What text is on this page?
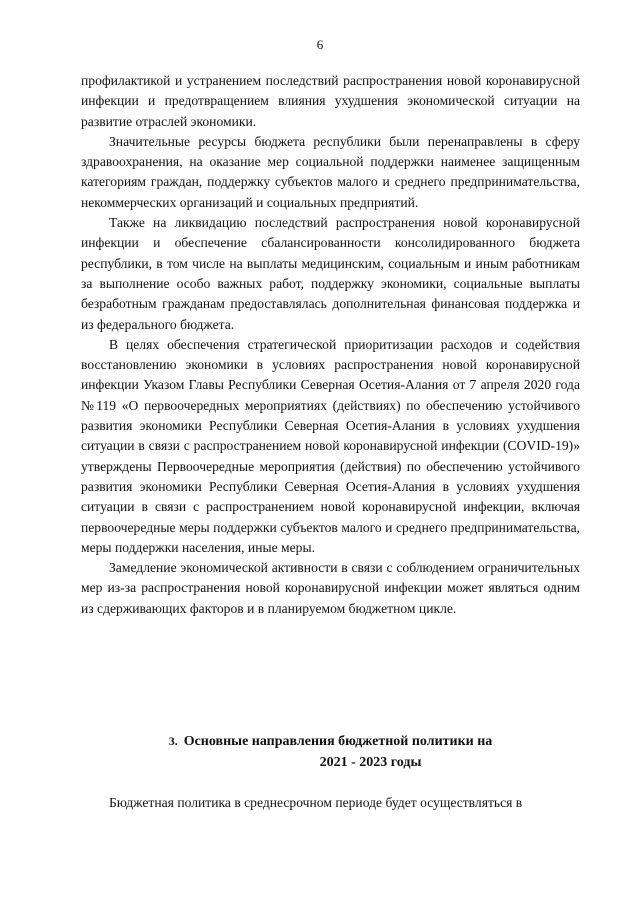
6

профилактикой и устранением последствий распространения новой коронавирусной инфекции и предотвращением влияния ухудшения экономической ситуации на развитие отраслей экономики.

Значительные ресурсы бюджета республики были перенаправлены в сферу здравоохранения, на оказание мер социальной поддержки наименее защищенным категориям граждан, поддержку субъектов малого и среднего предпринимательства, некоммерческих организаций и социальных предприятий.

Также на ликвидацию последствий распространения новой коронавирусной инфекции и обеспечение сбалансированности консолидированного бюджета республики, в том числе на выплаты медицинским, социальным и иным работникам за выполнение особо важных работ, поддержку экономики, социальные выплаты безработным гражданам предоставлялась дополнительная финансовая поддержка и из федерального бюджета.

В целях обеспечения стратегической приоритизации расходов и содействия восстановлению экономики в условиях распространения новой коронавирусной инфекции Указом Главы Республики Северная Осетия-Алания от 7 апреля 2020 года №119 «О первоочередных мероприятиях (действиях) по обеспечению устойчивого развития экономики Республики Северная Осетия-Алания в условиях ухудшения ситуации в связи с распространением новой коронавирусной инфекции (COVID-19)» утверждены Первоочередные мероприятия (действия) по обеспечению устойчивого развития экономики Республики Северная Осетия-Алания в условиях ухудшения ситуации в связи с распространением новой коронавирусной инфекции, включая первоочередные меры поддержки субъектов малого и среднего предпринимательства, меры поддержки населения, иные меры.

Замедление экономической активности в связи с соблюдением ограничительных мер из-за распространения новой коронавирусной инфекции может являться одним из сдерживающих факторов и в планируемом бюджетном цикле.

3. Основные направления бюджетной политики на
2021 - 2023 годы

Бюджетная политика в среднесрочном периоде будет осуществляться в
